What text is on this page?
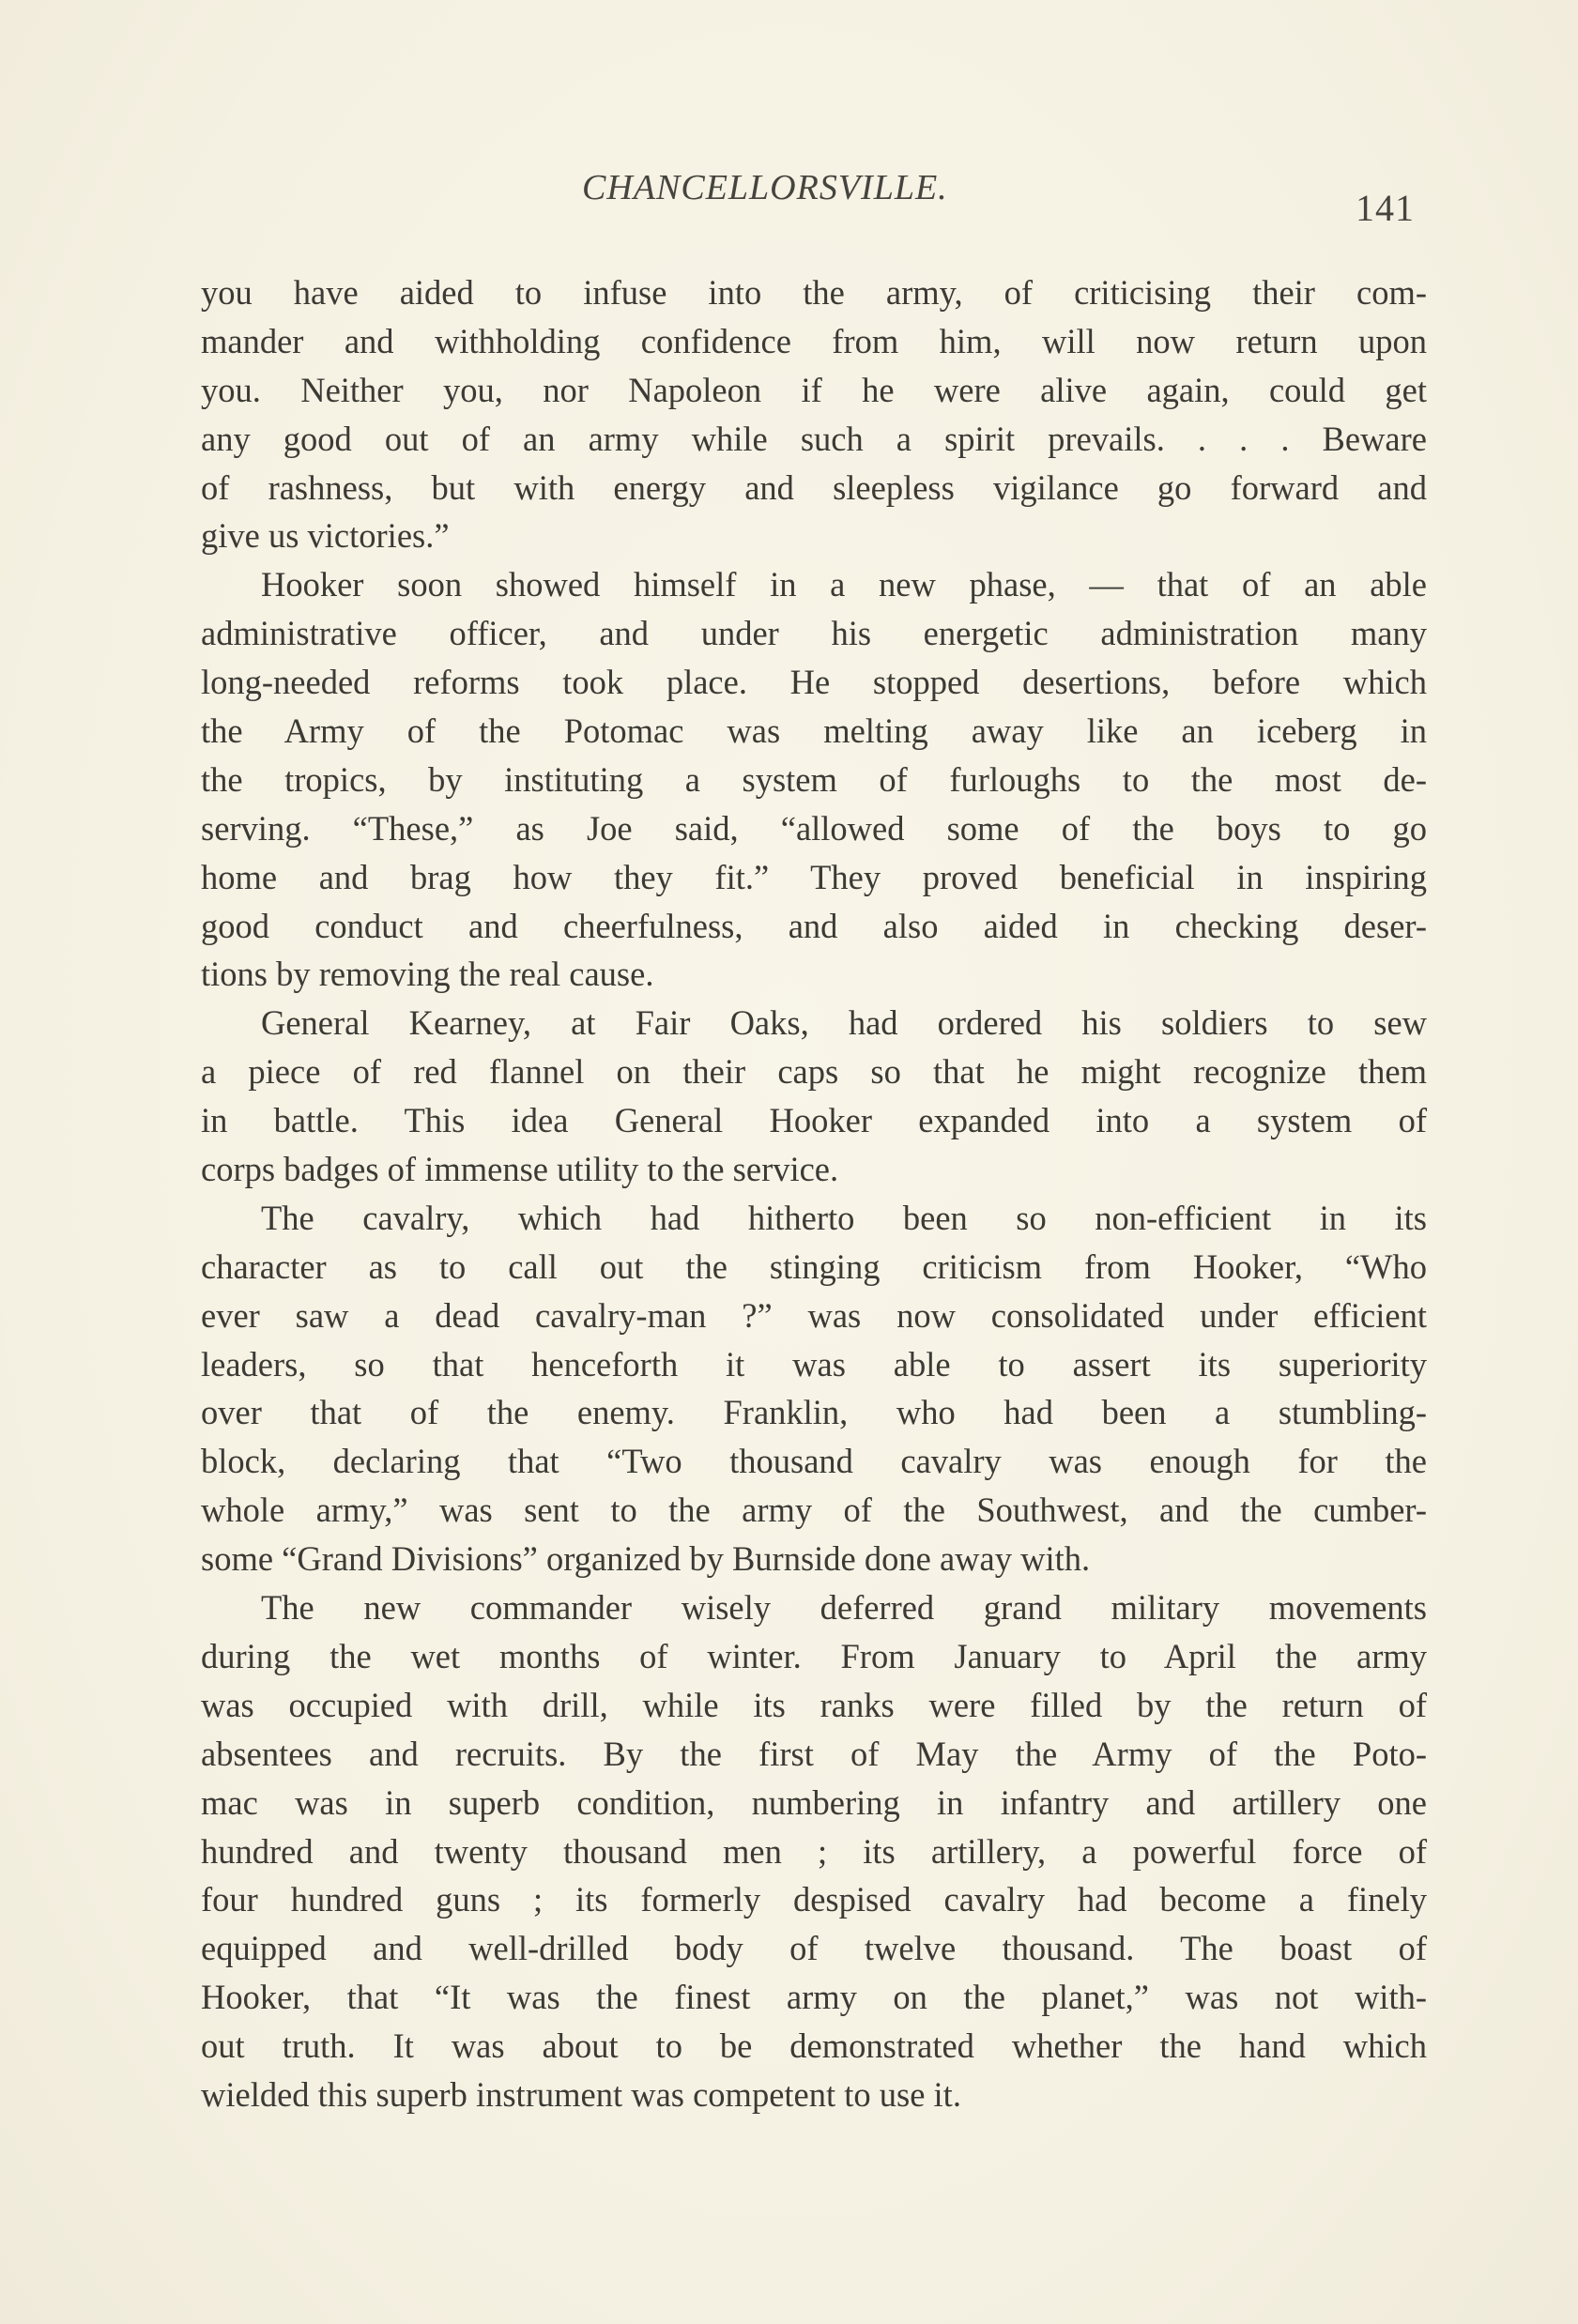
CHANCELLORSVILLE.	141
you have aided to infuse into the army, of criticising their com-
mander and withholding confidence from him, will now return upon
you. Neither you, nor Napoleon if he were alive again, could get
any good out of an army while such a spirit prevails. . . . Beware
of rashness, but with energy and sleepless vigilance go forward and
give us victories.”
Hooker soon showed himself in a new phase, — that of an able
administrative officer, and under his energetic administration many
long-needed reforms took place. He stopped desertions, before which
the Army of the Potomac was melting away like an iceberg in
the tropics, by instituting a system of furloughs to the most de-
serving. “These,” as Joe said, “allowed some of the boys to go
home and brag how they fit.” They proved beneficial in inspiring
good conduct and cheerfulness, and also aided in checking deser-
tions by removing the real cause.
General Kearney, at Fair Oaks, had ordered his soldiers to sew
a piece of red flannel on their caps so that he might recognize them
in battle. This idea General Hooker expanded into a system of
corps badges of immense utility to the service.
The cavalry, which had hitherto been so non-efficient in its
character as to call out the stinging criticism from Hooker, “Who
ever saw a dead cavalry-man ?” was now consolidated under efficient
leaders, so that henceforth it was able to assert its superiority
over that of the enemy. Franklin, who had been a stumbling-
block, declaring that “Two thousand cavalry was enough for the
whole army,” was sent to the army of the Southwest, and the cumber-
some “Grand Divisions” organized by Burnside done away with.
The new commander wisely deferred grand military movements
during the wet months of winter. From January to April the army
was occupied with drill, while its ranks were filled by the return of
absentees and recruits. By the first of May the Army of the Poto-
mac was in superb condition, numbering in infantry and artillery one
hundred and twenty thousand men ; its artillery, a powerful force of
four hundred guns ; its formerly despised cavalry had become a finely
equipped and well-drilled body of twelve thousand. The boast of
Hooker, that “It was the finest army on the planet,” was not with-
out truth. It was about to be demonstrated whether the hand which
wielded this superb instrument was competent to use it.
